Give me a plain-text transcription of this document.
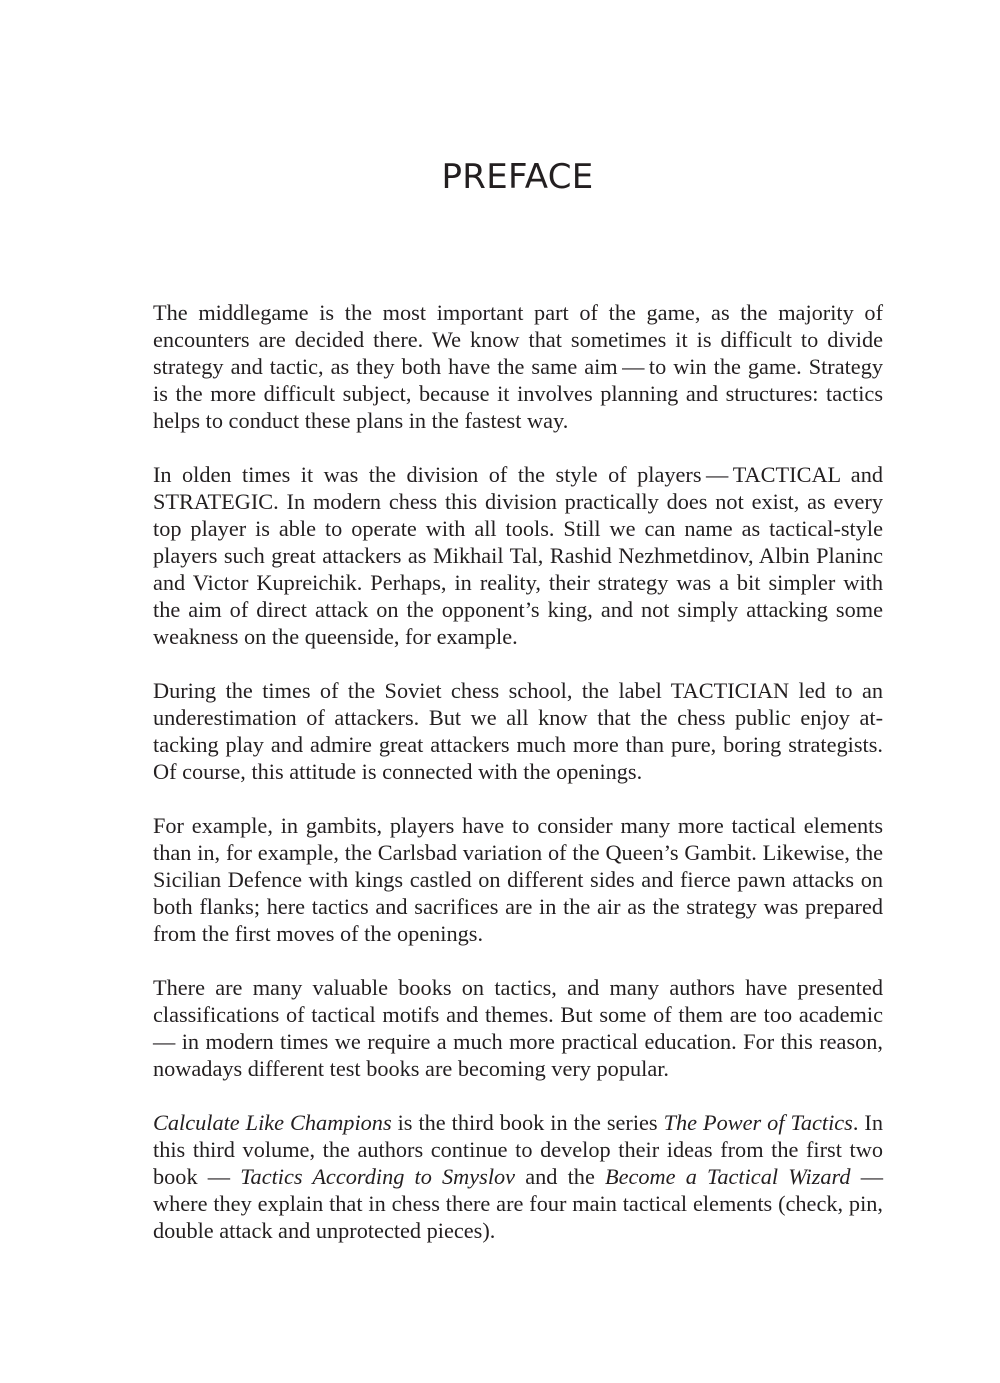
PREFACE

The middlegame is the most important part of the game, as the majority of encounters are decided there. We know that sometimes it is difficult to divide strategy and tactic, as they both have the same aim — to win the game. Strategy is the more difficult subject, because it involves planning and structures: tactics helps to conduct these plans in the fastest way.

In olden times it was the division of the style of players — TACTICAL and STRATEGIC. In modern chess this division practically does not exist, as every top player is able to operate with all tools. Still we can name as tactical-style players such great attackers as Mikhail Tal, Rashid Nezhmetdinov, Albin Planinc and Victor Kupreichik. Perhaps, in reality, their strategy was a bit simpler with the aim of direct attack on the opponent’s king, and not simply attacking some weakness on the queenside, for example.

During the times of the Soviet chess school, the label TACTICIAN led to an underestimation of attackers. But we all know that the chess public enjoy attacking play and admire great attackers much more than pure, boring strategists. Of course, this attitude is connected with the openings.

For example, in gambits, players have to consider many more tactical elements than in, for example, the Carlsbad variation of the Queen’s Gambit. Likewise, the Sicilian Defence with kings castled on different sides and fierce pawn attacks on both flanks; here tactics and sacrifices are in the air as the strategy was prepared from the first moves of the openings.

There are many valuable books on tactics, and many authors have presented classifications of tactical motifs and themes. But some of them are too academic — in modern times we require a much more practical education. For this reason, nowadays different test books are becoming very popular.

Calculate Like Champions is the third book in the series The Power of Tactics. In this third volume, the authors continue to develop their ideas from the first two book — Tactics According to Smyslov and the Become a Tactical Wizard — where they explain that in chess there are four main tactical elements (check, pin, double attack and unprotected pieces).
